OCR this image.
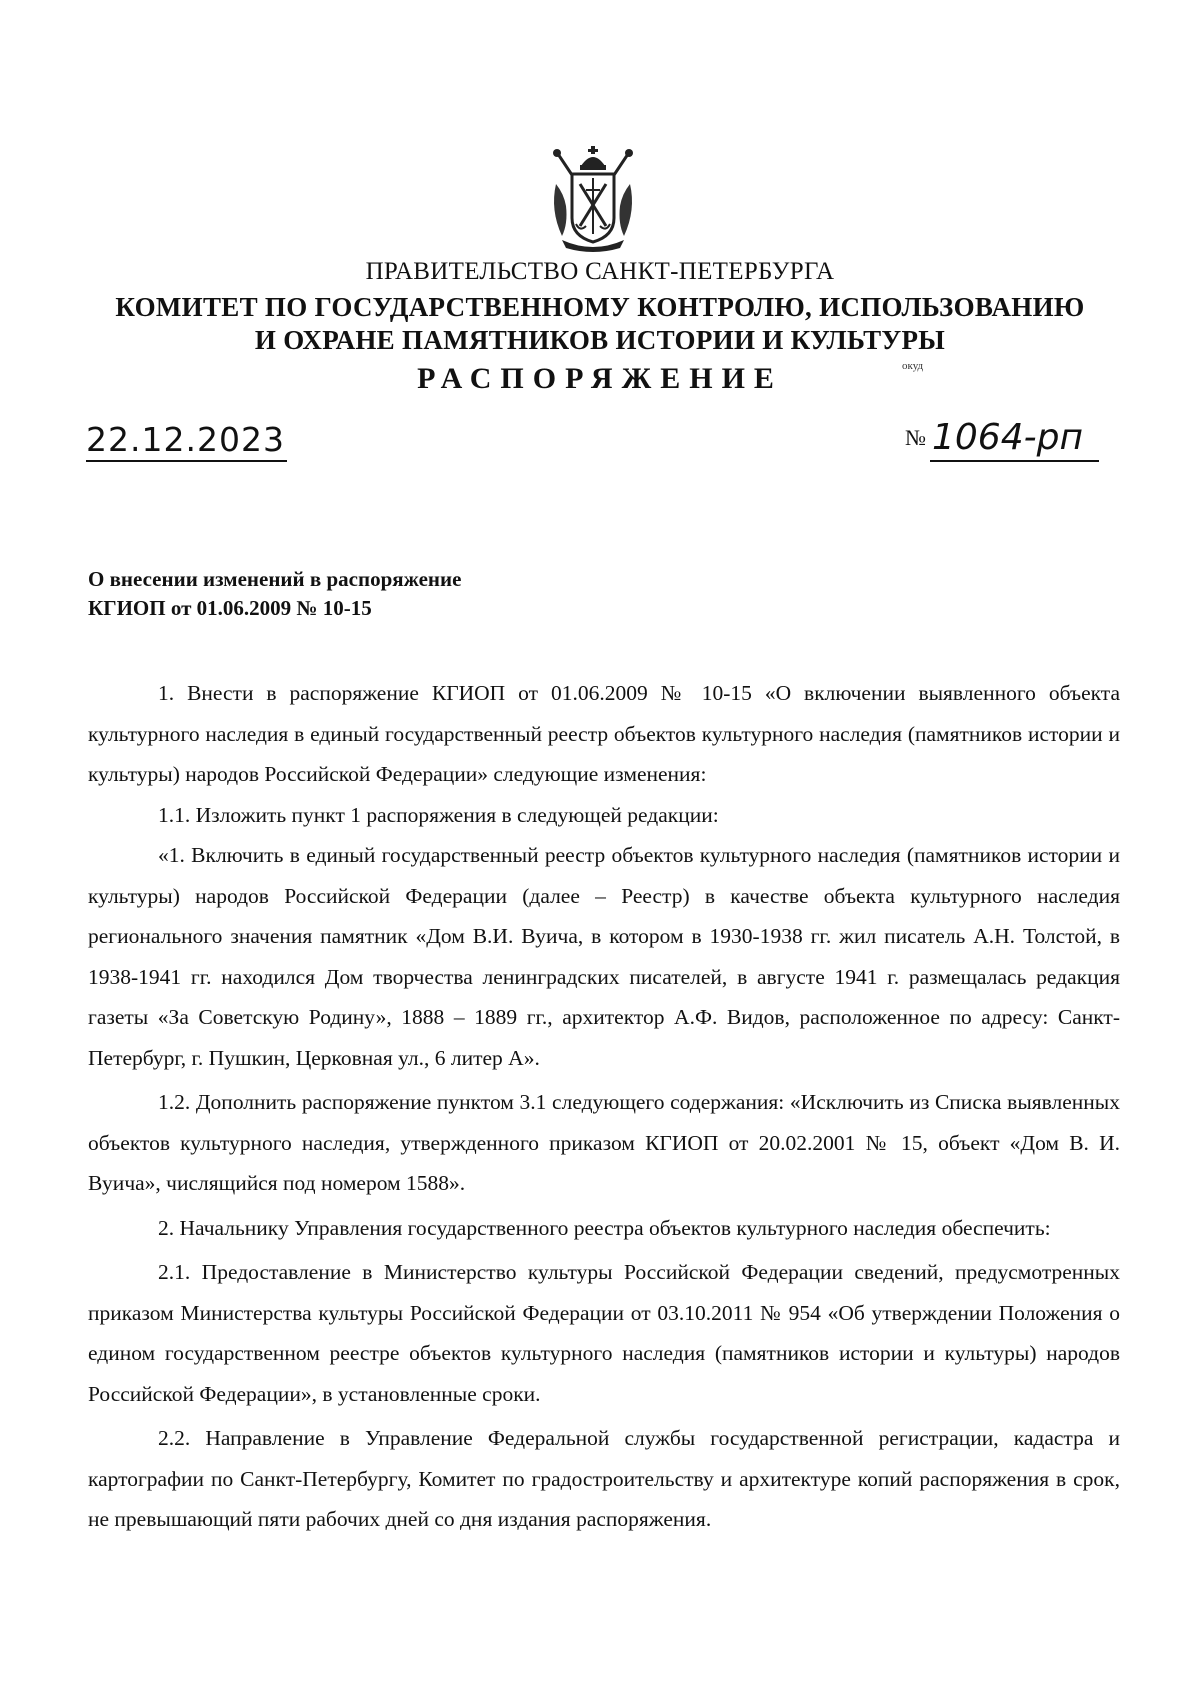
ПРАВИТЕЛЬСТВО САНКТ-ПЕТЕРБУРГА
КОМИТЕТ ПО ГОСУДАРСТВЕННОМУ КОНТРОЛЮ, ИСПОЛЬЗОВАНИЮ
И ОХРАНЕ ПАМЯТНИКОВ ИСТОРИИ И КУЛЬТУРЫ
РАСПОРЯЖЕНИЕ	окуд
22.12.2023	№ 1064-рп
О внесении изменений в распоряжение
КГИОП от 01.06.2009 № 10-15

1. Внести в распоряжение КГИОП от 01.06.2009 № 10-15 «О включении выявленного объекта культурного наследия в единый государственный реестр объектов культурного наследия (памятников истории и культуры) народов Российской Федерации» следующие изменения:

1.1. Изложить пункт 1 распоряжения в следующей редакции:

«1. Включить в единый государственный реестр объектов культурного наследия (памятников истории и культуры) народов Российской Федерации (далее – Реестр) в качестве объекта культурного наследия регионального значения памятник «Дом В.И. Вуича, в котором в 1930-1938 гг. жил писатель А.Н. Толстой, в 1938-1941 гг. находился Дом творчества ленинградских писателей, в августе 1941 г. размещалась редакция газеты «За Советскую Родину», 1888 – 1889 гг., архитектор А.Ф. Видов, расположенное по адресу: Санкт-Петербург, г. Пушкин, Церковная ул., 6 литер А».

1.2. Дополнить распоряжение пунктом 3.1 следующего содержания: «Исключить из Списка выявленных объектов культурного наследия, утвержденного приказом КГИОП от 20.02.2001 № 15, объект «Дом В. И. Вуича», числящийся под номером 1588».

2. Начальнику Управления государственного реестра объектов культурного наследия обеспечить:

2.1. Предоставление в Министерство культуры Российской Федерации сведений, предусмотренных приказом Министерства культуры Российской Федерации от 03.10.2011 № 954 «Об утверждении Положения о едином государственном реестре объектов культурного наследия (памятников истории и культуры) народов Российской Федерации», в установленные сроки.

2.2. Направление в Управление Федеральной службы государственной регистрации, кадастра и картографии по Санкт-Петербургу, Комитет по градостроительству и архитектуре копий распоряжения в срок, не превышающий пяти рабочих дней со дня издания распоряжения.
